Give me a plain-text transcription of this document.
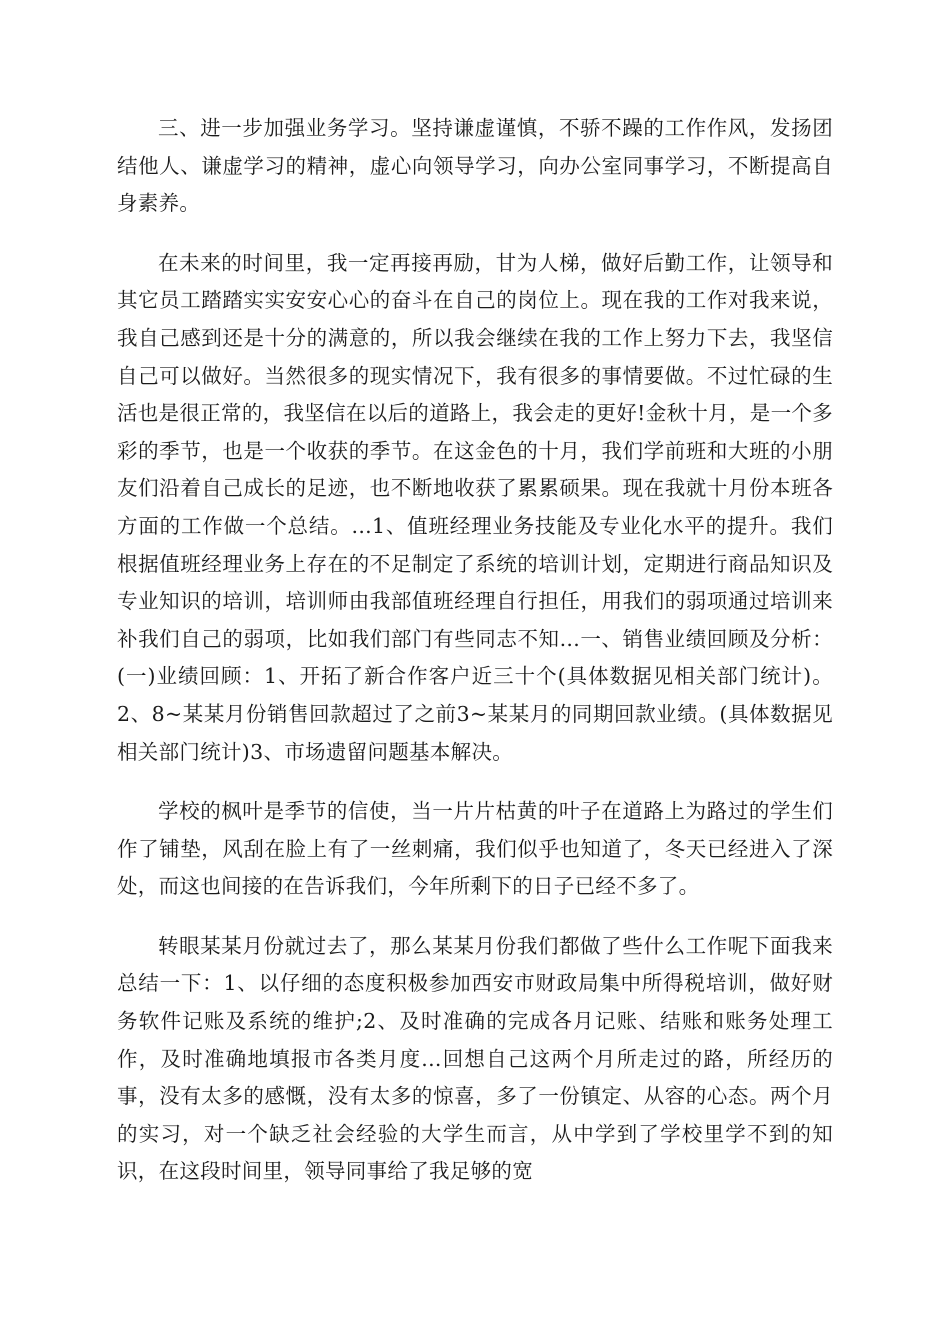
三、进一步加强业务学习。坚持谦虚谨慎，不骄不躁的工作作风，发扬团结他人、谦虚学习的精神，虚心向领导学习，向办公室同事学习，不断提高自身素养。

在未来的时间里，我一定再接再励，甘为人梯，做好后勤工作，让领导和其它员工踏踏实实安安心心的奋斗在自己的岗位上。现在我的工作对我来说，我自己感到还是十分的满意的，所以我会继续在我的工作上努力下去，我坚信自己可以做好。当然很多的现实情况下，我有很多的事情要做。不过忙碌的生活也是很正常的，我坚信在以后的道路上，我会走的更好!金秋十月，是一个多彩的季节，也是一个收获的季节。在这金色的十月，我们学前班和大班的小朋友们沿着自己成长的足迹，也不断地收获了累累硕果。现在我就十月份本班各方面的工作做一个总结。...1、值班经理业务技能及专业化水平的提升。我们根据值班经理业务上存在的不足制定了系统的培训计划，定期进行商品知识及专业知识的培训，培训师由我部值班经理自行担任，用我们的弱项通过培训来补我们自己的弱项，比如我们部门有些同志不知...一、销售业绩回顾及分析：(一)业绩回顾：1、开拓了新合作客户近三十个(具体数据见相关部门统计)。2、8~某某月份销售回款超过了之前3~某某月的同期回款业绩。(具体数据见相关部门统计)3、市场遗留问题基本解决。

学校的枫叶是季节的信使，当一片片枯黄的叶子在道路上为路过的学生们作了铺垫，风刮在脸上有了一丝刺痛，我们似乎也知道了，冬天已经进入了深处，而这也间接的在告诉我们，今年所剩下的日子已经不多了。

转眼某某月份就过去了，那么某某月份我们都做了些什么工作呢下面我来总结一下：1、以仔细的态度积极参加西安市财政局集中所得税培训，做好财务软件记账及系统的维护;2、及时准确的完成各月记账、结账和账务处理工作，及时准确地填报市各类月度...回想自己这两个月所走过的路，所经历的事，没有太多的感慨，没有太多的惊喜，多了一份镇定、从容的心态。两个月的实习，对一个缺乏社会经验的大学生而言，从中学到了学校里学不到的知识，在这段时间里，领导同事给了我足够的宽
